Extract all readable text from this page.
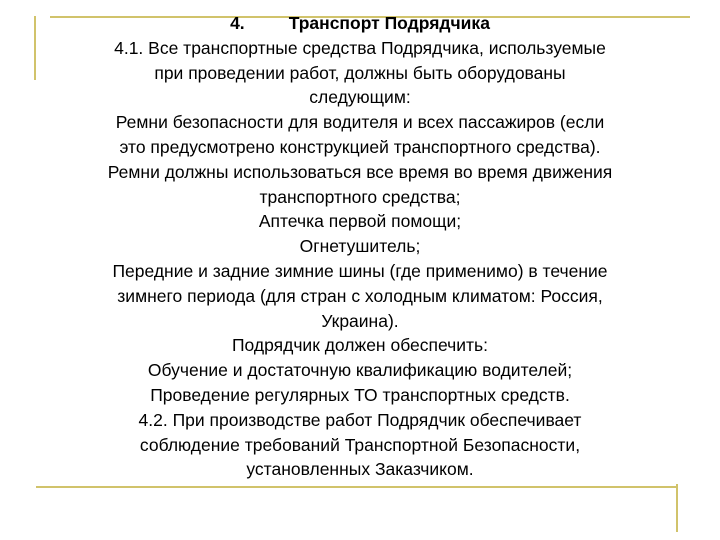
4.	Транспорт Подрядчика
4.1. Все транспортные средства Подрядчика, используемые
при проведении работ, должны быть оборудованы
следующим:
Ремни безопасности для водителя и всех пассажиров (если
это предусмотрено конструкцией транспортного средства).
Ремни должны использоваться все время во время движения
транспортного средства;
Аптечка первой помощи;
Огнетушитель;
Передние и задние зимние шины (где применимо) в течение
зимнего периода (для стран с холодным климатом: Россия,
Украина).
Подрядчик должен обеспечить:
Обучение и достаточную квалификацию водителей;
Проведение регулярных ТО транспортных средств.
4.2. При производстве работ Подрядчик обеспечивает
соблюдение требований Транспортной Безопасности,
установленных Заказчиком.
